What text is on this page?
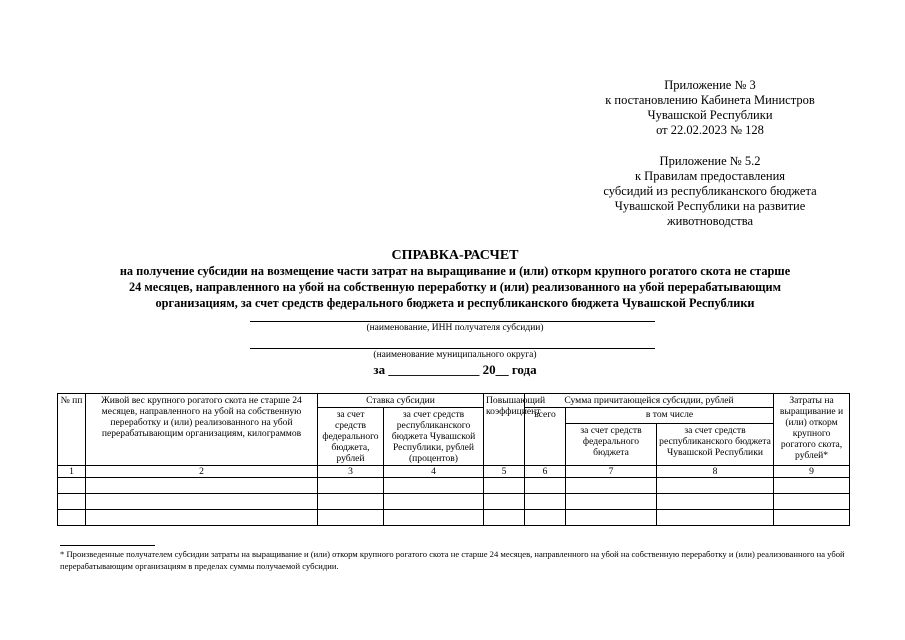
Приложение № 3
к постановлению Кабинета Министров
Чувашской Республики
от 22.02.2023 № 128
Приложение № 5.2
к Правилам предоставления
субсидий из республиканского бюджета
Чувашской Республики на развитие
животноводства
СПРАВКА-РАСЧЕТ
на получение субсидии на возмещение части затрат на выращивание и (или) откорм крупного рогатого скота не старше
24 месяцев, направленного на убой на собственную переработку и (или) реализованного на убой перерабатывающим
организациям, за счет средств федерального бюджета и республиканского бюджета Чувашской Республики
(наименование, ИНН получателя субсидии)
(наименование муниципального округа)
за ______________ 20__ года
№ пп	Живой вес крупного рогатого скота не старше 24 месяцев, направленного на убой на собственную переработку и (или) реализованного на убой перерабатывающим организациям, килограммов	Ставка субсидии		Повышающий коэффициент	Сумма причитающейся субсидии, рублей			Затраты на выращивание и (или) откорм крупного рогатого скота, рублей*
		за счет средств федерального бюджета, рублей	за счет средств республиканского бюджета Чувашской Республики, рублей (процентов)		всего	в том числе		
						за счет средств федерального бюджета	за счет средств республиканского бюджета Чувашской Республики	
1	2	3	4	5	6	7	8	9

* Произведенные получателем субсидии затраты на выращивание и (или) откорм крупного рогатого скота не старше 24 месяцев, направленного на убой на собственную переработку и (или) реализованного на убой перерабатывающим организациям в пределах суммы получаемой субсидии.
